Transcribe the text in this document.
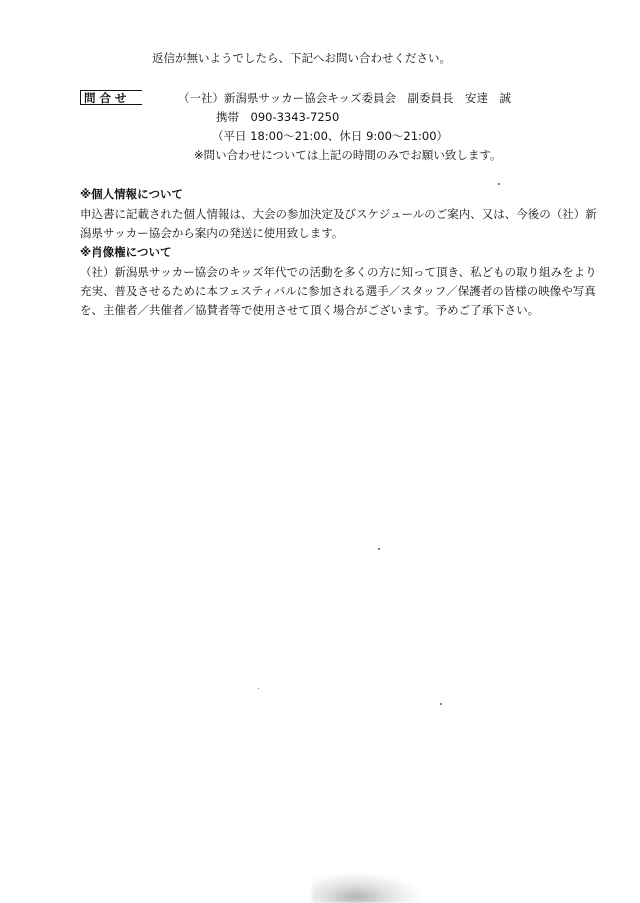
返信が無いようでしたら、下記へお問い合わせください。
問合せ	（一社）新潟県サッカー協会キッズ委員会　副委員長　安達　誠
携帯　090-3343-7250
（平日 18:00～21:00、休日 9:00～21:00）
※問い合わせについては上記の時間のみでお願い致します。
※個人情報について
申込書に記載された個人情報は、大会の参加決定及びスケジュールのご案内、又は、今後の（社）新
潟県サッカー協会から案内の発送に使用致します。
※肖像権について
（社）新潟県サッカー協会のキッズ年代での活動を多くの方に知って頂き、私どもの取り組みをより
充実、普及させるために本フェスティバルに参加される選手／スタッフ／保護者の皆様の映像や写真
を、主催者／共催者／協賛者等で使用させて頂く場合がございます。予めご了承下さい。
